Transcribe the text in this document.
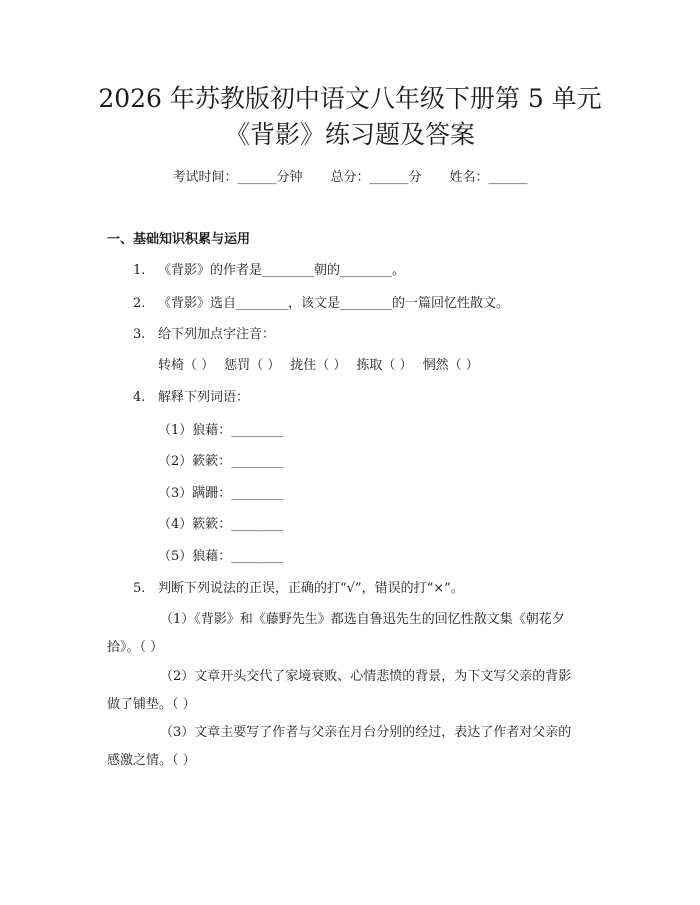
2026 年苏教版初中语文八年级下册第 5 单元
《背影》练习题及答案
考试时间：______分钟 总分：______分 姓名：______
一、基础知识积累与运用
1. 《背影》的作者是________朝的________。
2. 《背影》选自________，该文是________的一篇回忆性散文。
3. 给下列加点字注音：
转椅（ ） 惩罚（ ） 拢住（ ） 拣取（ ） 惘然（ ）
4. 解释下列词语：
（1）狼藉：________
（2）簌簌：________
（3）蹒跚：________
（4）簌簌：________
（5）狼藉：________
5. 判断下列说法的正误，正确的打“√”，错误的打“×”。
（1）《背影》和《藤野先生》都选自鲁迅先生的回忆性散文集《朝花夕
拾》。（ ）
（2）文章开头交代了家境衰败、心情悲愤的背景，为下文写父亲的背影
做了铺垫。（ ）
（3）文章主要写了作者与父亲在月台分别的经过，表达了作者对父亲的
感激之情。（ ）
